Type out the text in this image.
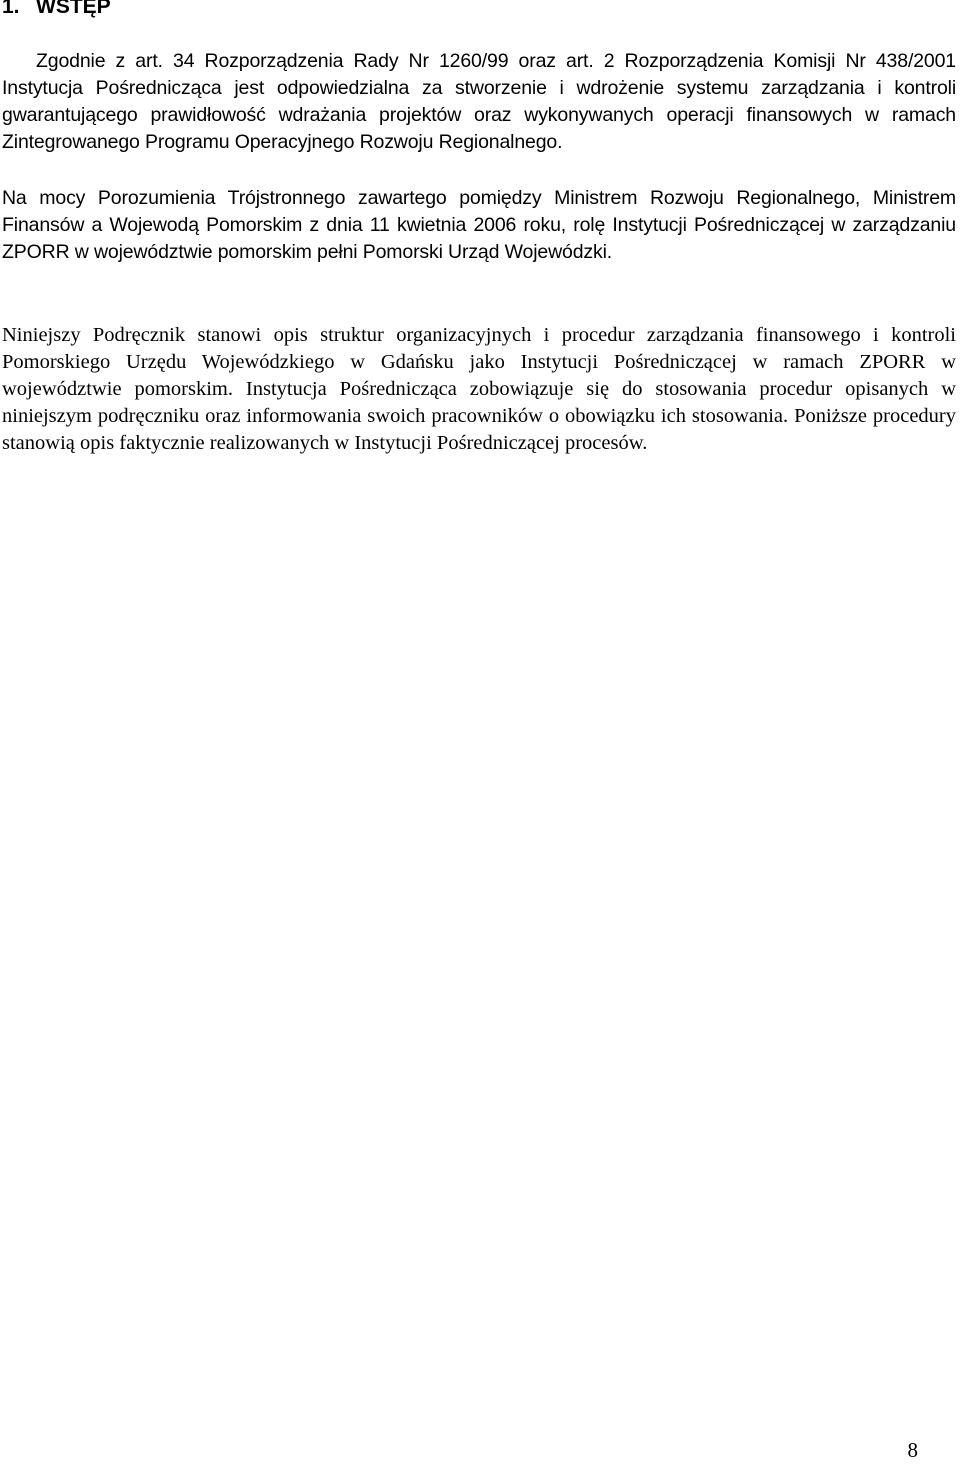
1. WSTĘP

Zgodnie z art. 34 Rozporządzenia Rady Nr 1260/99 oraz art. 2 Rozporządzenia Komisji Nr 438/2001 Instytucja Pośrednicząca jest odpowiedzialna za stworzenie i wdrożenie systemu zarządzania i kontroli gwarantującego prawidłowość wdrażania projektów oraz wykonywanych operacji finansowych w ramach Zintegrowanego Programu Operacyjnego Rozwoju Regionalnego.

Na mocy Porozumienia Trójstronnego zawartego pomiędzy Ministrem Rozwoju Regionalnego, Ministrem Finansów a Wojewodą Pomorskim z dnia 11 kwietnia 2006 roku, rolę Instytucji Pośredniczącej w zarządzaniu ZPORR w województwie pomorskim pełni Pomorski Urząd Wojewódzki.

Niniejszy Podręcznik stanowi opis struktur organizacyjnych i procedur zarządzania finansowego i kontroli Pomorskiego Urzędu Wojewódzkiego w Gdańsku jako Instytucji Pośredniczącej w ramach ZPORR w województwie pomorskim. Instytucja Pośrednicząca zobowiązuje się do stosowania procedur opisanych w niniejszym podręczniku oraz informowania swoich pracowników o obowiązku ich stosowania. Poniższe procedury stanowią opis faktycznie realizowanych w Instytucji Pośredniczącej procesów.

8
